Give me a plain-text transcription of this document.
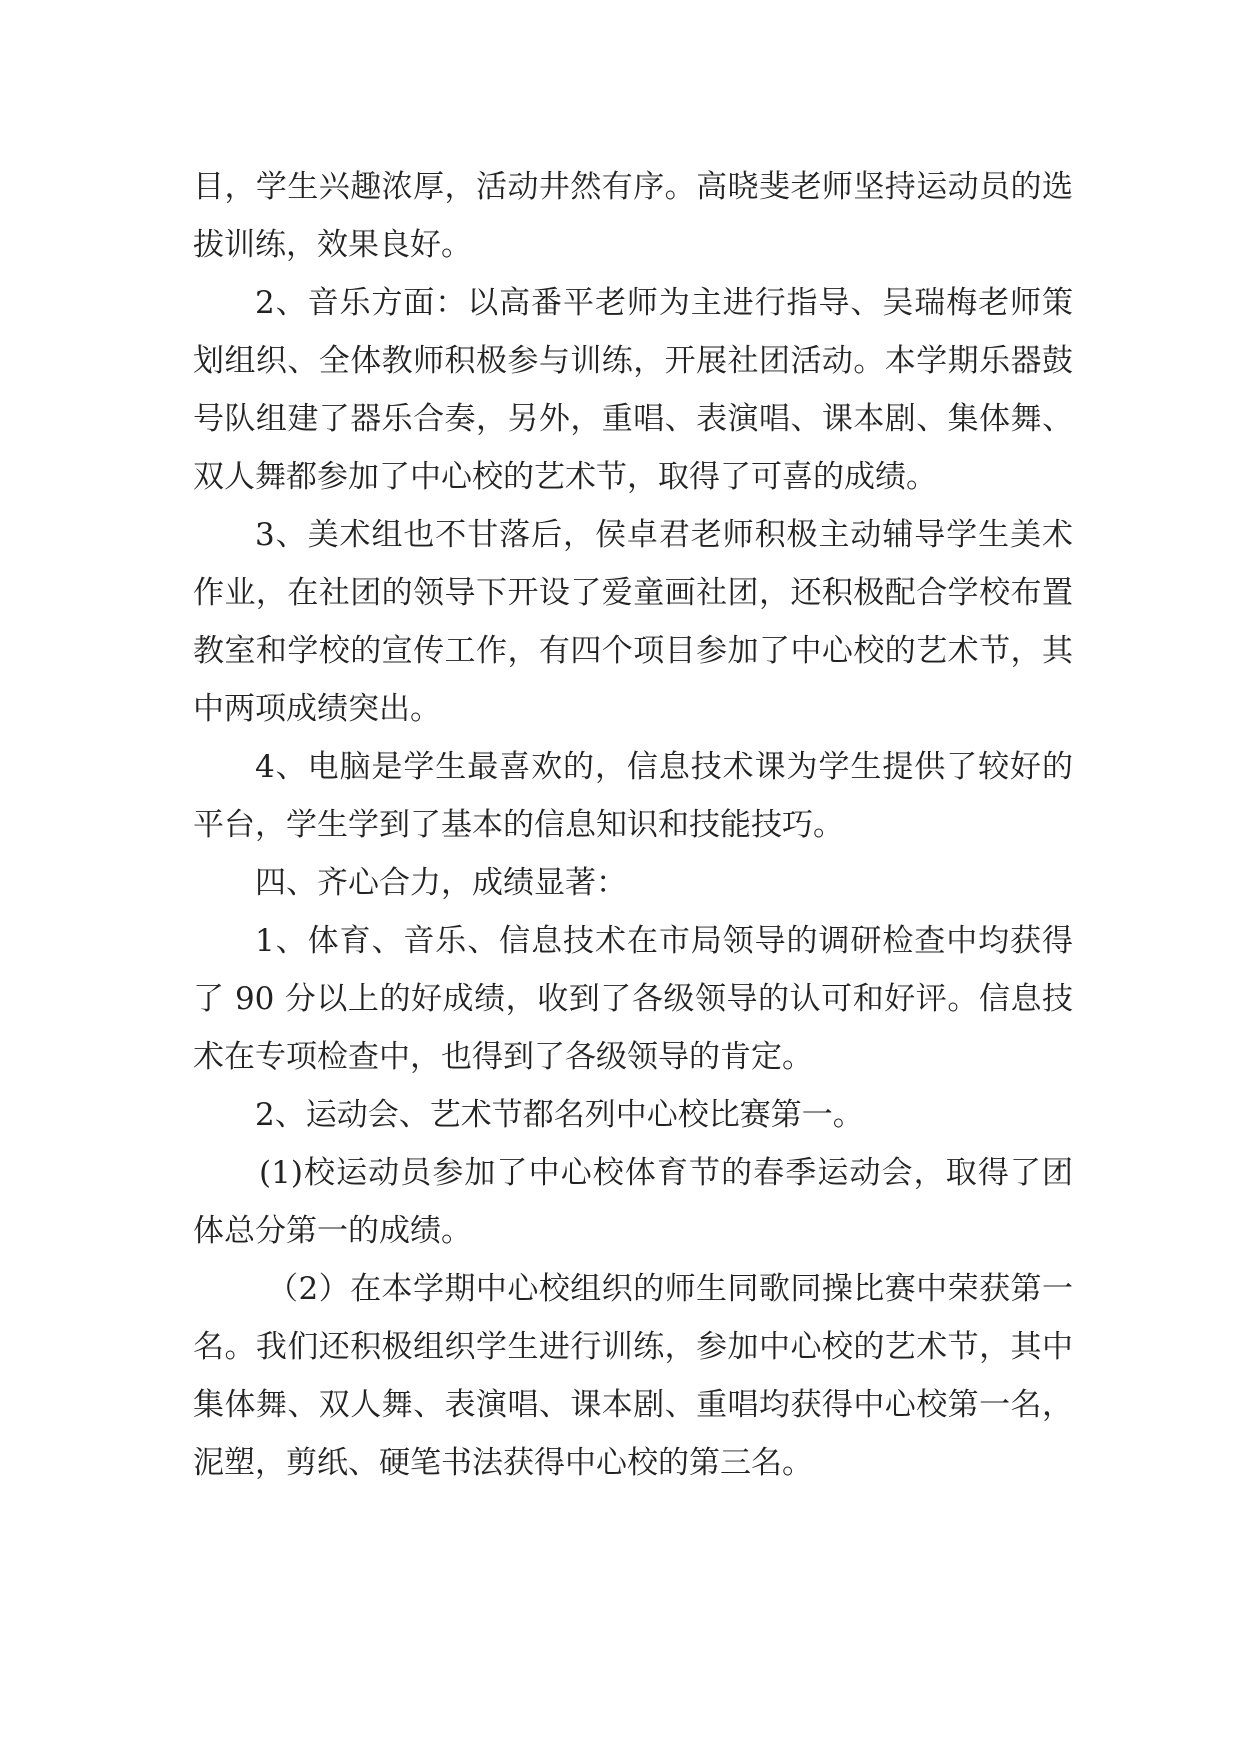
目，学生兴趣浓厚，活动井然有序。高晓斐老师坚持运动员的选拔训练，效果良好。

2、音乐方面：以高番平老师为主进行指导、吴瑞梅老师策划组织、全体教师积极参与训练，开展社团活动。本学期乐器鼓号队组建了器乐合奏，另外，重唱、表演唱、课本剧、集体舞、双人舞都参加了中心校的艺术节，取得了可喜的成绩。

3、美术组也不甘落后，侯卓君老师积极主动辅导学生美术作业，在社团的领导下开设了爱童画社团，还积极配合学校布置教室和学校的宣传工作，有四个项目参加了中心校的艺术节，其中两项成绩突出。

4、电脑是学生最喜欢的，信息技术课为学生提供了较好的平台，学生学到了基本的信息知识和技能技巧。

四、齐心合力，成绩显著：

1、体育、音乐、信息技术在市局领导的调研检查中均获得了 90 分以上的好成绩，收到了各级领导的认可和好评。信息技术在专项检查中，也得到了各级领导的肯定。

2、运动会、艺术节都名列中心校比赛第一。

(1)校运动员参加了中心校体育节的春季运动会，取得了团体总分第一的成绩。

（2）在本学期中心校组织的师生同歌同操比赛中荣获第一名。我们还积极组织学生进行训练，参加中心校的艺术节，其中集体舞、双人舞、表演唱、课本剧、重唱均获得中心校第一名，泥塑，剪纸、硬笔书法获得中心校的第三名。
